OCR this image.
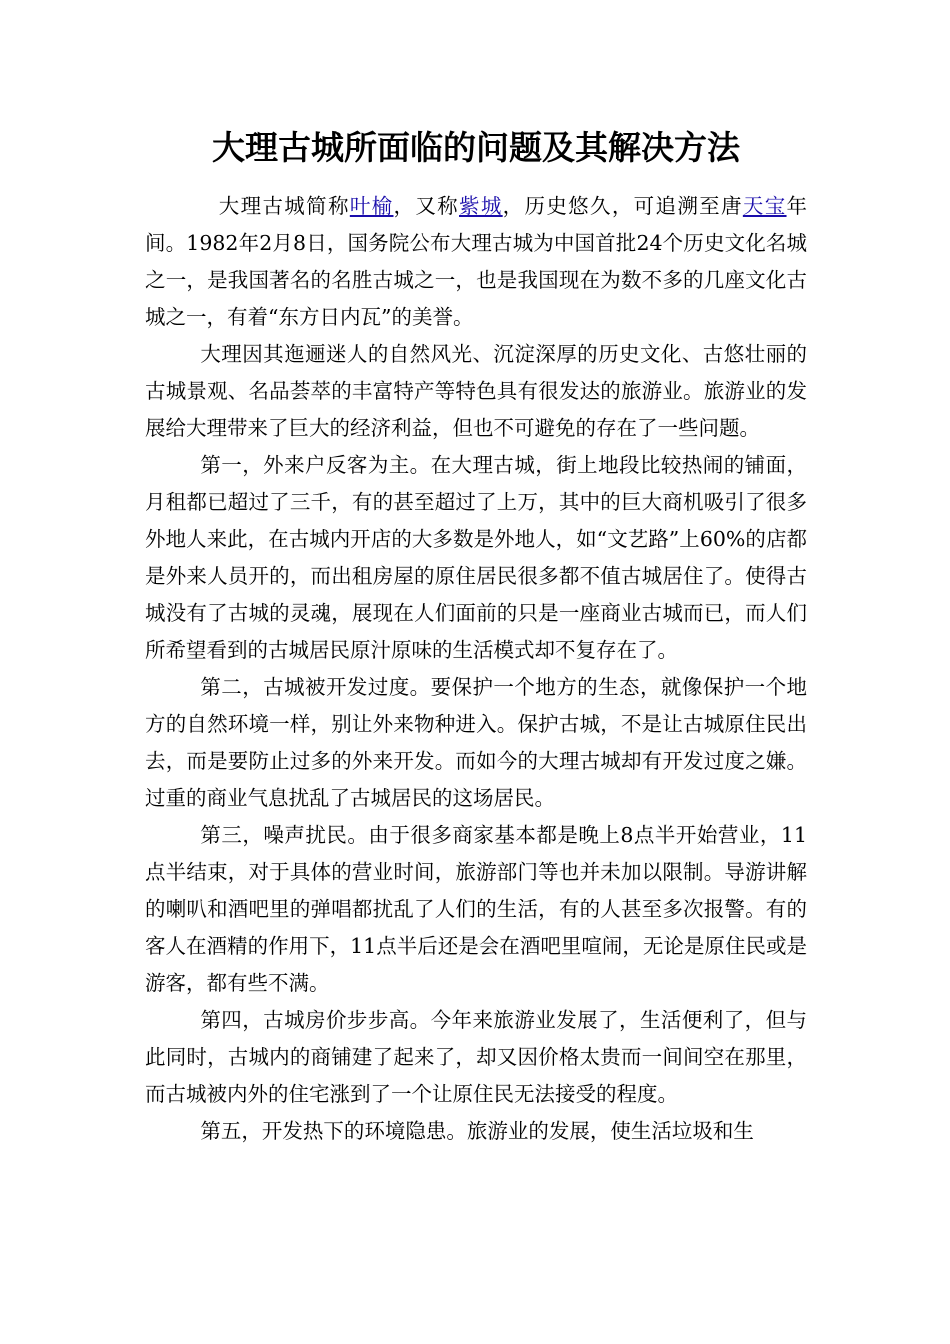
大理古城所面临的问题及其解决方法

大理古城简称叶榆，又称紫城，历史悠久，可追溯至唐天宝年间。1982年2月8日，国务院公布大理古城为中国首批24个历史文化名城之一，是我国著名的名胜古城之一，也是我国现在为数不多的几座文化古城之一，有着“东方日内瓦”的美誉。

大理因其迤逦迷人的自然风光、沉淀深厚的历史文化、古悠壮丽的古城景观、名品荟萃的丰富特产等特色具有很发达的旅游业。旅游业的发展给大理带来了巨大的经济利益，但也不可避免的存在了一些问题。

第一，外来户反客为主。在大理古城，街上地段比较热闹的铺面，月租都已超过了三千，有的甚至超过了上万，其中的巨大商机吸引了很多外地人来此，在古城内开店的大多数是外地人，如“文艺路”上60%的店都是外来人员开的，而出租房屋的原住居民很多都不值古城居住了。使得古城没有了古城的灵魂，展现在人们面前的只是一座商业古城而已，而人们所希望看到的古城居民原汁原味的生活模式却不复存在了。

第二，古城被开发过度。要保护一个地方的生态，就像保护一个地方的自然环境一样，别让外来物种进入。保护古城，不是让古城原住民出去，而是要防止过多的外来开发。而如今的大理古城却有开发过度之嫌。过重的商业气息扰乱了古城居民的这场居民。

第三，噪声扰民。由于很多商家基本都是晚上8点半开始营业，11点半结束，对于具体的营业时间，旅游部门等也并未加以限制。导游讲解的喇叭和酒吧里的弹唱都扰乱了人们的生活，有的人甚至多次报警。有的客人在酒精的作用下，11点半后还是会在酒吧里喧闹，无论是原住民或是游客，都有些不满。

第四，古城房价步步高。今年来旅游业发展了，生活便利了，但与此同时，古城内的商铺建了起来了，却又因价格太贵而一间间空在那里，而古城被内外的住宅涨到了一个让原住民无法接受的程度。

第五，开发热下的环境隐患。旅游业的发展，使生活垃圾和生
